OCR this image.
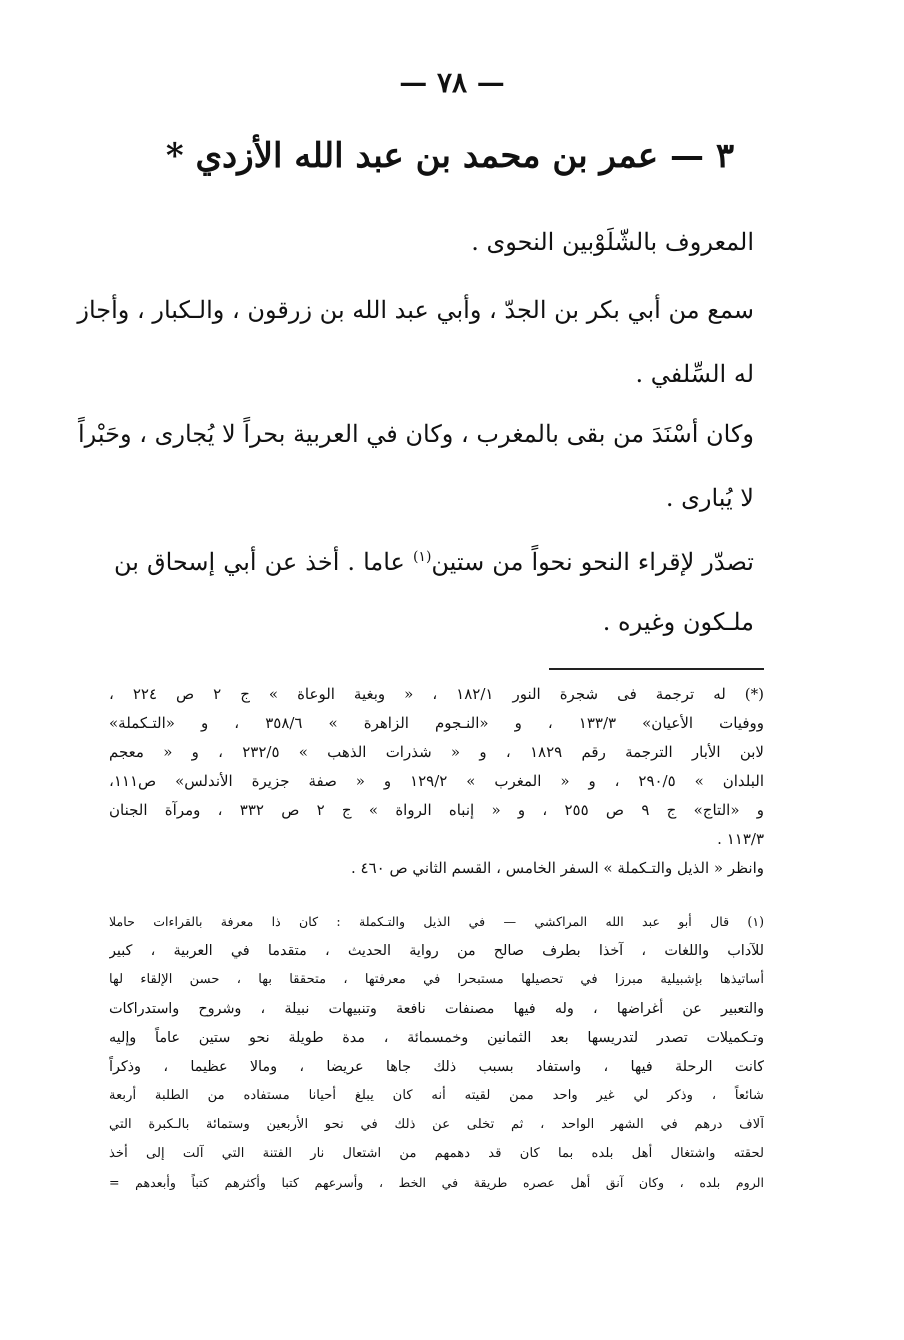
— ٧٨ —
٣ — عمر بن محمد بن عبد الله الأزدي *
المعروف بالشّلَوْبين النحوى .
سمع من أبي بكر بن الجدّ ، وأبي عبد الله بن زرقون ، والـكبار ، وأجاز
له السِّلفي .
وكان أسْنَدَ من بقى بالمغرب ، وكان في العربية بحراً لا يُجارى ، وحَبْراً
لا يُبارى .
تصدّر لإقراء النحو نحواً من ستين$^{(١)}$ عاما . أخذ عن أبي إسحاق بن
ملـكون وغيره .
(*) له ترجمة فى شجرة النور ١٨٢/١ ، « وبغية الوعاة » ج ٢ ص ٢٢٤ ،
ووفيات الأعيان» ١٣٣/٣ ، و «النـجوم الزاهرة » ٣٥٨/٦ ، و «التـكملة»
لابن الأبار الترجمة رقم ١٨٢٩ ، و « شذرات الذهب » ٢٣٢/٥ ، و « معجم
البلدان » ٢٩٠/٥ ، و « المغرب » ١٢٩/٢ و « صفة جزيرة الأندلس» ص١١١،
و «التاج» ج ٩ ص ٢٥٥ ، و « إنباه الرواة » ج ٢ ص ٣٣٢ ، ومرآة الجنان
١١٣/٣ .
وانظر « الذيل والتـكملة » السفر الخامس ، القسم الثاني ص ٤٦٠ .
(١) قال أبو عبد الله المراكشي — في الذيل والتـكملة : كان ذا معرفة بالقراءات حاملا
للآداب واللغات ، آخذا بطرف صالح من رواية الحديث ، متقدما في العربية ، كبير
أساتيذها بإشبيلية مبرزا في تحصيلها مستبحرا في معرفتها ، متحققا بها ، حسن الإلقاء لها
والتعبير عن أغراضها ، وله فيها مصنفات نافعة وتنبيهات نبيلة ، وشروح واستدراكات
وتـكميلات تصدر لتدريسها بعد الثمانين وخمسمائة ، مدة طويلة نحو ستين عاماً وإليه
كانت الرحلة فيها ، واستفاد بسبب ذلك جاها عريضا ، ومالا عظيما ، وذكراً
شائعاً ، وذكر لي غير واحد ممن لقيته أنه كان يبلغ أحيانا مستفاده من الطلبة أربعة
آلاف درهم في الشهر الواحد ، ثم تخلى عن ذلك في نحو الأربعين وستمائة بالـكبرة التي
لحقته واشتغال أهل بلده بما كان قد دهمهم من اشتعال نار الفتنة التي آلت إلى أخذ
الروم بلده ، وكان آنق أهل عصره طريقة في الخط ، وأسرعهم كتبا وأكثرهم كتباً وأبعدهم =
